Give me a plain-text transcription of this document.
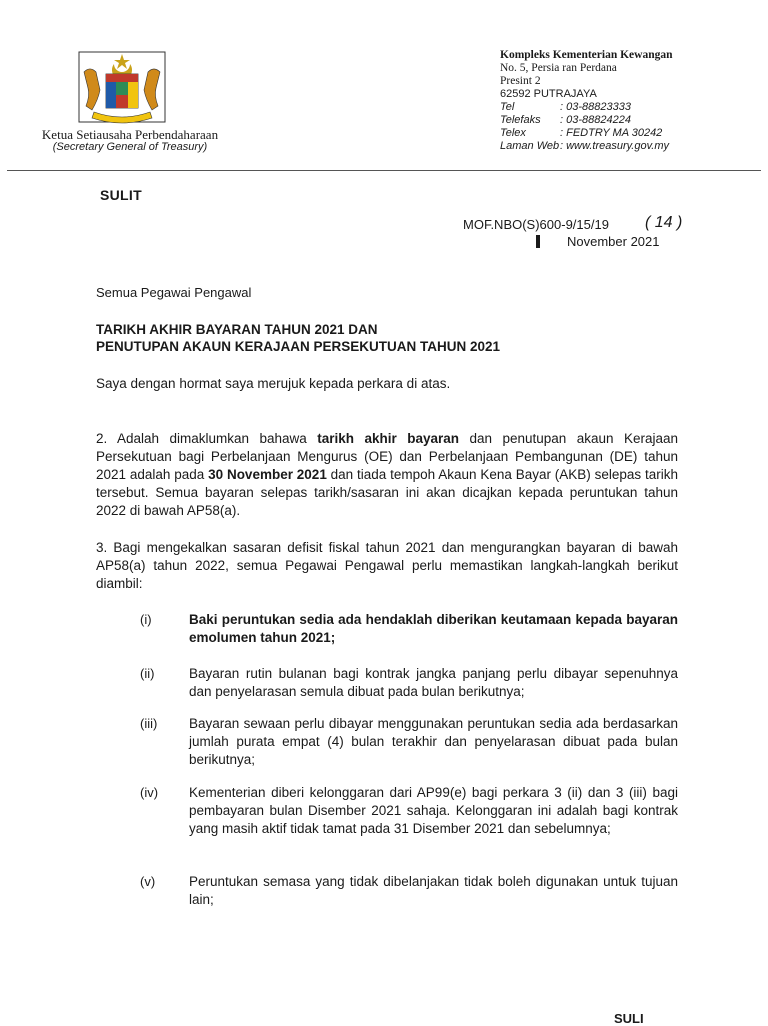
Ketua Setiausaha Perbendaharaan
(Secretary General of Treasury)
Kompleks Kementerian Kewangan
No. 5, Persia ran Perdana
Presint 2
62592 PUTRAJAYA
Tel	: 03-88823333
Telefaks	: 03-88824224
Telex	: FEDTRY MA 30242
Laman Web : www.treasury.gov.my
SULIT
MOF.NBO(S)600-9/15/19 ( 14 )
November 2021
Semua Pegawai Pengawal
TARIKH AKHIR BAYARAN TAHUN 2021 DAN
PENUTUPAN AKAUN KERAJAAN PERSEKUTUAN TAHUN 2021

Saya dengan hormat saya merujuk kepada perkara di atas.

2. Adalah dimaklumkan bahawa tarikh akhir bayaran dan penutupan akaun Kerajaan Persekutuan bagi Perbelanjaan Mengurus (OE) dan Perbelanjaan Pembangunan (DE) tahun 2021 adalah pada 30 November 2021 dan tiada tempoh Akaun Kena Bayar (AKB) selepas tarikh tersebut. Semua bayaran selepas tarikh/sasaran ini akan dicajkan kepada peruntukan tahun 2022 di bawah AP58(a).

3. Bagi mengekalkan sasaran defisit fiskal tahun 2021 dan mengurangkan bayaran di bawah AP58(a) tahun 2022, semua Pegawai Pengawal perlu memastikan langkah-langkah berikut diambil:

(i)	Baki peruntukan sedia ada hendaklah diberikan keutamaan kepada bayaran emolumen tahun 2021;

(ii)	Bayaran rutin bulanan bagi kontrak jangka panjang perlu dibayar sepenuhnya dan penyelarasan semula dibuat pada bulan berikutnya;

(iii) Bayaran sewaan perlu dibayar menggunakan peruntukan sedia ada berdasarkan jumlah purata empat (4) bulan terakhir dan penyelarasan dibuat pada bulan berikutnya;

(iv) Kementerian diberi kelonggaran dari AP99(e) bagi perkara 3 (ii) dan 3 (iii) bagi pembayaran bulan Disember 2021 sahaja. Kelonggaran ini adalah bagi kontrak yang masih aktif tidak tamat pada 31 Disember 2021 dan sebelumnya;

(v)	Peruntukan semasa yang tidak dibelanjakan tidak boleh digunakan untuk tujuan lain;

SULI
